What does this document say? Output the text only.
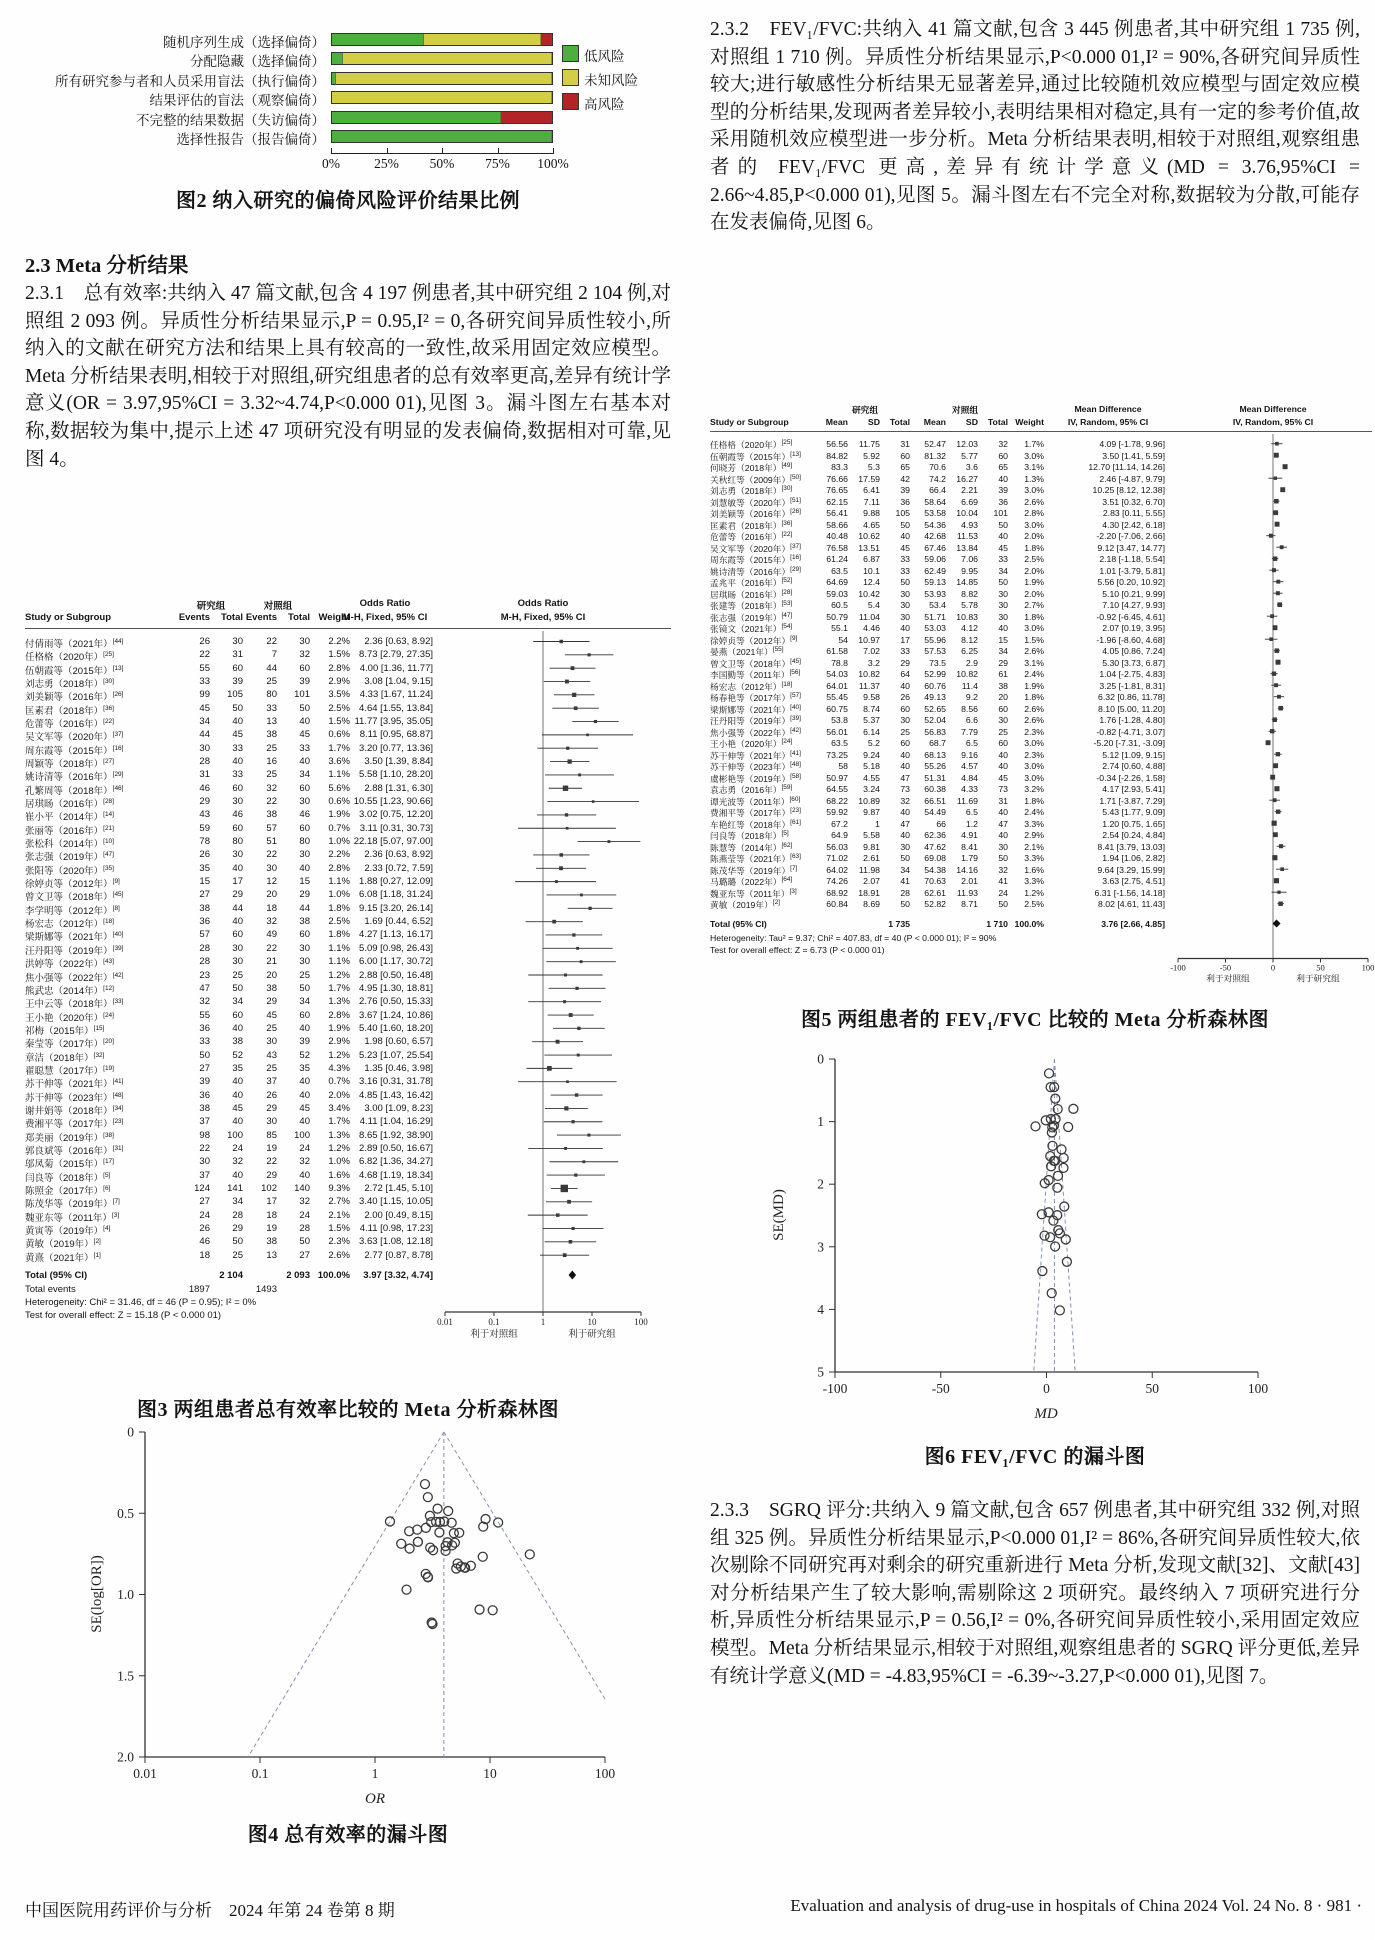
随机序列生成（选择偏倚）
分配隐藏（选择偏倚）
所有研究参与者和人员采用盲法（执行偏倚）
结果评估的盲法（观察偏倚）
不完整的结果数据（失访偏倚）
选择性报告（报告偏倚）
0%	25%	50%	75%	100%
低风险
未知风险
高风险
图2 纳入研究的偏倚风险评价结果比例
2.3 Meta 分析结果
2.3.1　总有效率:共纳入 47 篇文献,包含 4 197 例患者,其中研究组 2 104 例,对照组 2 093 例。异质性分析结果显示,P = 0.95,I² = 0,各研究间异质性较小,所纳入的文献在研究方法和结果上具有较高的一致性,故采用固定效应模型。Meta 分析结果表明,相较于对照组,研究组患者的总有效率更高,差异有统计学意义(OR = 3.97,95%CI = 3.32~4.74,P<0.000 01),见图 3。漏斗图左右基本对称,数据较为集中,提示上述 47 项研究没有明显的发表偏倚,数据相对可靠,见图 4。
研究组	对照组	Odds Ratio	Odds Ratio
Study or Subgroup	Events	Total Events	Total Weight
M-H, Fixed, 95% CI	M-H, Fixed, 95% CI
付倩雨等（2021年）[44]	26	30	22	30	2.2%	2.36 [0.63, 8.92]
任格格（2020年）[25]	22	31	7	32	1.5% 8.73 [2.79, 27.35]
伍朝霞等（2015年）[13]	55	60	44	60	2.8%	4.00 [1.36, 11.77]
刘志勇（2018年）[30]	33	39	25	39	2.9%	3.08 [1.04, 9.15]
刘美颖等（2016年）[26]	99	105	80	101	3.5%	4.33 [1.67, 11.24]
匡素君（2018年）[36]	45	50	33	50	2.5% 4.64 [1.55, 13.84]
危蕾等（2016年）[22]	34	40	13	40	1.5% 11.77 [3.95, 35.05]
吴文军等（2020年）[37]	44	45	38	45	0.6%	8.11 [0.95, 68.87]
周东霞等（2015年）[16]	30	33	25	33	1.7% 3.20 [0.77, 13.36]
周颖等（2018年）[27]	28	40	16	40	3.6%	3.50 [1.39, 8.84]
姚诗清等（2016年）[29]	31	33	25	34	1.1% 5.58 [1.10, 28.20]
孔繁周等（2018年）[46]	46	60	32	60	5.6%	2.88 [1.31, 6.30]
居琪旸（2016年）[28]	29	30	22	30	0.6% 10.55 [1.23, 90.66]
崔小平（2014年）[14]	43	46	38	46	1.9% 3.02 [0.75, 12.20]
张丽等（2016年）[21]	59	60	57	60	0.7%	3.11 [0.31, 30.73]
张松科（2014年）[10]	78	80	51	80	1.0% 22.18 [5.07, 97.00]
张志强（2019年）[47]	26	30	22	30	2.2%	2.36 [0.63, 8.92]
张阳等（2020年）[35]	35	40	30	40	2.8%	2.33 [0.72, 7.59]
徐婷贞等（2012年）[9]	15	17	12	15	1.1% 1.88 [0.27, 12.09]
曾文卫等（2018年）[45]	27	29	20	29	1.0% 6.08 [1.18, 31.24]
李学明等（2012年）[8]	38	44	18	44	1.8% 9.15 [3.20, 26.14]
杨宏志（2012年）[18]	36	40	32	38	2.5%	1.69 [0.44, 6.52]
梁斯娜等（2021年）[40]	57	60	49	60	1.8% 4.27 [1.13, 16.17]
汪丹阳等（2019年）[39]	28	30	22	30	1.1% 5.09 [0.98, 26.43]
洪婷等（2022年）[43]	28	30	21	30	1.1% 6.00 [1.17, 30.72]
焦小强等（2022年）[42]	23	25	20	25	1.2% 2.88 [0.50, 16.48]
熊武忠（2014年）[12]	47	50	38	50	1.7% 4.95 [1.30, 18.81]
王中云等（2018年）[33]	32	34	29	34	1.3% 2.76 [0.50, 15.33]
王小艳（2020年）[24]	55	60	45	60	2.8% 3.67 [1.24, 10.86]
祁梅（2015年）[15]	36	40	25	40	1.9% 5.40 [1.60, 18.20]
秦莹等（2017年）[20]	33	38	30	39	2.9%	1.98 [0.60, 6.57]
章洁（2018年）[32]	50	52	43	52	1.2% 5.23 [1.07, 25.54]
翟聪慧（2017年）[19]	27	35	25	35	4.3%	1.35 [0.46, 3.98]
苏干伸等（2021年）[41]	39	40	37	40	0.7% 3.16 [0.31, 31.78]
苏干伸等（2023年）[48]	36	40	26	40	2.0% 4.85 [1.43, 16.42]
谢井娟等（2018年）[34]	38	45	29	45	3.4%	3.00 [1.09, 8.23]
费湘平等（2017年）[23]	37	40	30	40	1.7%	4.11 [1.04, 16.29]
郑美丽（2019年）[38]	98	100	85	100	1.3% 8.65 [1.92, 38.90]
郭良斌等（2016年）[31]	22	24	19	24	1.2% 2.89 [0.50, 16.67]
邬凤菊（2015年）[17]	30	32	22	32	1.0% 6.82 [1.36, 34.27]
闫良等（2018年）[5]	37	40	29	40	1.6% 4.68 [1.19, 18.34]
陈照金（2017年）[6]	124	141	102	140	9.3%	2.72 [1.45, 5.10]
陈茂华等（2019年）[7]	27	34	17	32	2.7% 3.40 [1.15, 10.05]
魏亚东等（2011年）[3]	24	28	18	24	2.1%	2.00 [0.49, 8.15]
黄寅等（2019年）[4]	26	29	19	28	1.5%	4.11 [0.98, 17.23]
黄敏（2019年）[2]	46	50	38	50	2.3% 3.63 [1.08, 12.18]
黄熹（2021年）[1]	18	25	13	27	2.6%	2.77 [0.87, 8.78]
Total (95% CI)	2 104	2 093 100.0%	3.97 [3.32, 4.74]
Total events	1897	1493
Heterogeneity: Chi² = 31.46, df = 46 (P = 0.95); I² = 0%
Test for overall effect: Z = 15.18 (P < 0.000 01)
0.01	0.1	1	10	100
利于对照组	利于研究组
图3 两组患者总有效率比较的 Meta 分析森林图
0
0.5
1.0
1.5
2.0
0.01	0.1	1	10	100
SE(log[OR])
OR
图4 总有效率的漏斗图
2.3.2　FEV₁/FVC:共纳入 41 篇文献,包含 3 445 例患者,其中研究组 1 735 例,对照组 1 710 例。异质性分析结果显示,P<0.000 01,I² = 90%,各研究间异质性较大;进行敏感性分析结果无显著差异,通过比较随机效应模型与固定效应模型的分析结果,发现两者差异较小,表明结果相对稳定,具有一定的参考价值,故采用随机效应模型进一步分析。Meta 分析结果表明,相较于对照组,观察组患者的 FEV₁/FVC 更高,差异有统计学意义(MD = 3.76,95%CI = 2.66~4.85,P<0.000 01),见图 5。漏斗图左右不完全对称,数据较为分散,可能存在发表偏倚,见图 6。
研究组	对照组	Mean Difference	Mean Difference
Study or Subgroup	Mean	SD	Total	Mean	SD	Total Weight	IV, Random, 95% CI	IV, Random, 95% CI
任格格（2020年）[25]	56.56	11.75	31	52.47	12.03	32	1.7%	4.09 [-1.78, 9.96]
伍朝霞等（2015年）[13]	84.82	5.92	60	81.32	5.77	60	3.0%	3.50 [1.41, 5.59]
何晓芳（2018年）[49]	83.3	5.3	65	70.6	3.6	65	3.1%	12.70 [11.14, 14.26]
关秋红等（2009年）[50]	76.66	17.59	42	74.2	16.27	40	1.3%	2.46 [-4.87, 9.79]
刘志勇（2018年）[30]	76.65	6.41	39	66.4	2.21	39	3.0%	10.25 [8.12, 12.38]
刘慧敏等（2020年）[51]	62.15	7.11	36	58.64	6.69	36	2.6%	3.51 [0.32, 6.70]
刘美颖等（2016年）[26]	56.41	9.88	105	53.58	10.04	101	2.8%	2.83 [0.11, 5.55]
匡素君（2018年）[36]	58.66	4.65	50	54.36	4.93	50	3.0%	4.30 [2.42, 6.18]
危蕾等（2016年）[22]	40.48	10.62	40	42.68	11.53	40	2.0%	-2.20 [-7.06, 2.66]
吴文军等（2020年）[37]	76.58	13.51	45	67.46	13.84	45	1.8%	9.12 [3.47, 14.77]
周东霞等（2015年）[16]	61.24	6.87	33	59.06	7.06	33	2.5%	2.18 [-1.18, 5.54]
姚诗清等（2016年）[29]	63.5	10.1	33	62.49	9.95	34	2.0%	1.01 [-3.79, 5.81]
孟兆平（2016年）[52]	64.69	12.4	50	59.13	14.85	50	1.9%	5.56 [0.20, 10.92]
居琪旸（2016年）[28]	59.03	10.42	30	53.93	8.82	30	2.0%	5.10 [0.21, 9.99]
张建等（2018年）[53]	60.5	5.4	30	53.4	5.78	30	2.7%	7.10 [4.27, 9.93]
张志强（2019年）[47]	50.79	11.04	30	51.71	10.83	30	1.8%	-0.92 [-6.45, 4.61]
张镜文（2021年）[54]	55.1	4.46	40	53.03	4.12	40	3.0%	2.07 [0.19, 3.95]
徐婷贞等（2012年）[9]	54	10.97	17	55.96	8.12	15	1.5%	-1.96 [-8.60, 4.68]
晏燕（2021年）[55]	61.58	7.02	33	57.53	6.25	34	2.6%	4.05 [0.86, 7.24]
曾文卫等（2018年）[45]	78.8	3.2	29	73.5	2.9	29	3.1%	5.30 [3.73, 6.87]
李国勤等（2011年）[56]	54.03	10.82	64	52.99	10.82	61	2.4%	1.04 [-2.75, 4.83]
杨宏志（2012年）[18]	64.01	11.37	40	60.76	11.4	38	1.9%	3.25 [-1.81, 8.31]
杨春艳等（2017年）[57]	55.45	9.58	26	49.13	9.2	20	1.8%	6.32 [0.86, 11.78]
梁斯娜等（2021年）[40]	60.75	8.74	60	52.65	8.56	60	2.6%	8.10 [5.00, 11.20]
汪丹阳等（2019年）[39]	53.8	5.37	30	52.04	6.6	30	2.6%	1.76 [-1.28, 4.80]
焦小强等（2022年）[42]	56.01	6.14	25	56.83	7.79	25	2.3%	-0.82 [-4.71, 3.07]
王小艳（2020年）[24]	63.5	5.2	60	68.7	6.5	60	3.0%	-5.20 [-7.31, -3.09]
苏干伸等（2021年）[41]	73.25	9.24	40	68.13	9.16	40	2.3%	5.12 [1.09, 9.15]
苏干伸等（2023年）[48]	58	5.18	40	55.26	4.57	40	3.0%	2.74 [0.60, 4.88]
虞彬艳等（2019年）[58]	50.97	4.55	47	51.31	4.84	45	3.0%	-0.34 [-2.26, 1.58]
袁志勇（2016年）[59]	64.55	3.24	73	60.38	4.33	73	3.2%	4.17 [2.93, 5.41]
谭光波等（2011年）[60]	68.22	10.89	32	66.51	11.69	31	1.8%	1.71 [-3.87, 7.29]
费湘平等（2017年）[23]	59.92	9.87	40	54.49	6.5	40	2.4%	5.43 [1.77, 9.09]
车艳红等（2018年）[61]	67.2	1	47	66	1.2	47	3.3%	1.20 [0.75, 1.65]
闫良等（2018年）[5]	64.9	5.58	40	62.36	4.91	40	2.9%	2.54 [0.24, 4.84]
陈慧等（2014年）[62]	56.03	9.81	30	47.62	8.41	30	2.1%	8.41 [3.79, 13.03]
陈燕莹等（2021年）[63]	71.02	2.61	50	69.08	1.79	50	3.3%	1.94 [1.06, 2.82]
陈茂华等（2019年）[7]	64.02	11.98	34	54.38	14.16	32	1.6%	9.64 [3.29, 15.99]
马璐璐（2022年）[64]	74.26	2.07	41	70.63	2.01	41	3.3%	3.63 [2.75, 4.51]
魏亚东等（2011年）[3]	68.92	18.91	28	62.61	11.93	24	1.2%	6.31 [-1.56, 14.18]
黄敏（2019年）[2]	60.84	8.69	50	52.82	8.71	50	2.5%	8.02 [4.61, 11.43]
Total (95% CI)	1 735	1 710 100.0%	3.76 [2.66, 4.85]
Heterogeneity: Tau² = 9.37; Chi² = 407.83, df = 40 (P < 0.000 01); I² = 90%
Test for overall effect: Z = 6.73 (P < 0.000 01)
-100	-50	0	50	100
利于对照组	利于研究组
图5 两组患者的 FEV₁/FVC 比较的 Meta 分析森林图
0
1
2
3
4
5
-100	-50	0	50	100
SE(MD)
MD
图6 FEV₁/FVC 的漏斗图
2.3.3　SGRQ 评分:共纳入 9 篇文献,包含 657 例患者,其中研究组 332 例,对照组 325 例。异质性分析结果显示,P<0.000 01,I² = 86%,各研究间异质性较大,依次剔除不同研究再对剩余的研究重新进行 Meta 分析,发现文献[32]、文献[43]对分析结果产生了较大影响,需剔除这 2 项研究。最终纳入 7 项研究进行分析,异质性分析结果显示,P = 0.56,I² = 0%,各研究间异质性较小,采用固定效应模型。Meta 分析结果显示,相较于对照组,观察组患者的 SGRQ 评分更低,差异有统计学意义(MD = -4.83,95%CI = -6.39~-3.27,P<0.000 01),见图 7。
中国医院用药评价与分析　2024 年第 24 卷第 8 期	Evaluation and analysis of drug-use in hospitals of China 2024 Vol. 24 No. 8 · 981 ·
